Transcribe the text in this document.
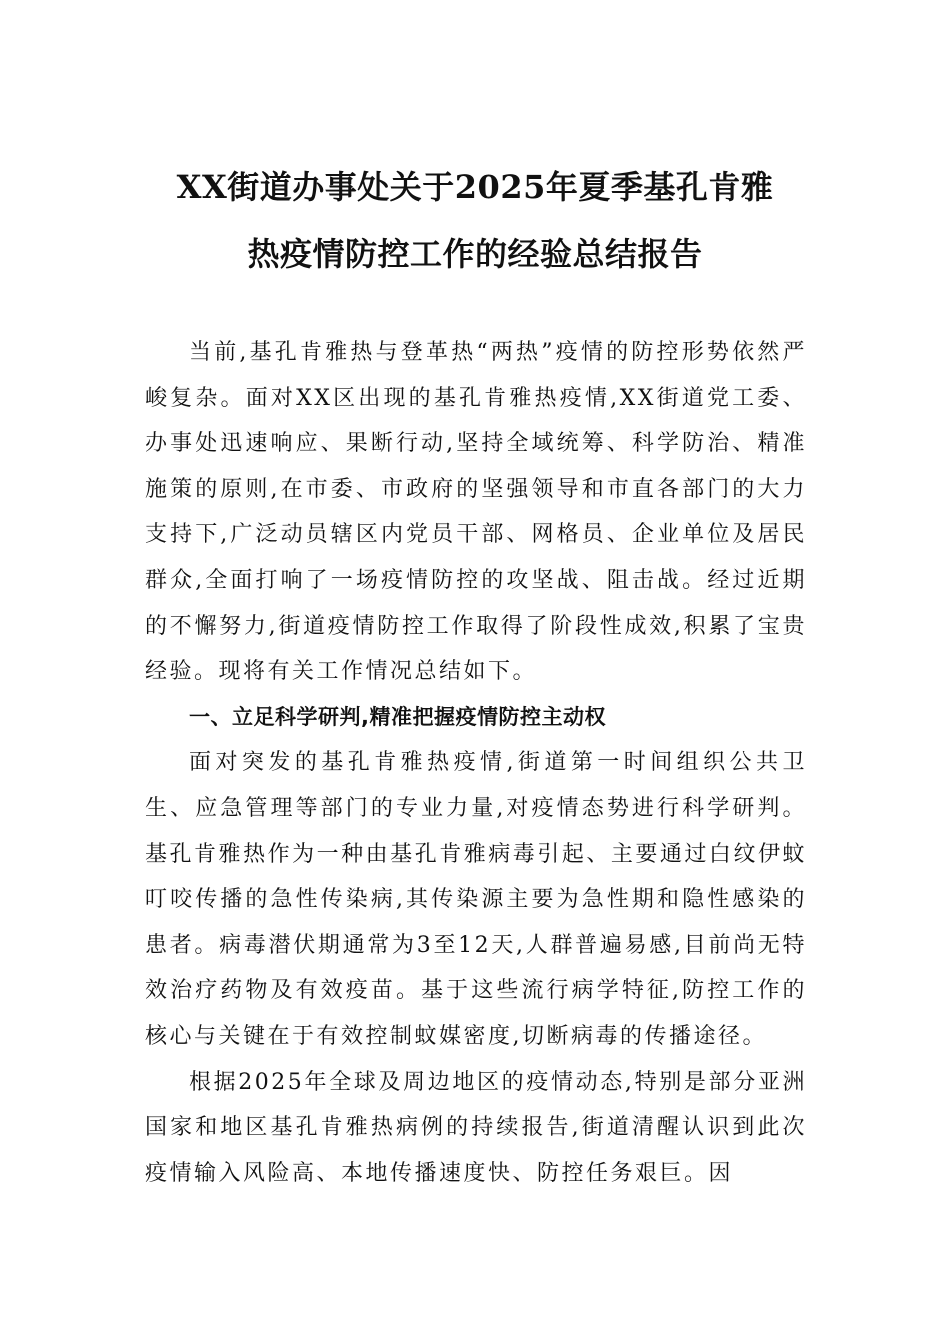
XX街道办事处关于2025年夏季基孔肯雅
热疫情防控工作的经验总结报告

当前,基孔肯雅热与登革热“两热”疫情的防控形势依然严峻复杂。面对XX区出现的基孔肯雅热疫情,XX街道党工委、办事处迅速响应、果断行动,坚持全域统筹、科学防治、精准施策的原则,在市委、市政府的坚强领导和市直各部门的大力支持下,广泛动员辖区内党员干部、网格员、企业单位及居民群众,全面打响了一场疫情防控的攻坚战、阻击战。经过近期的不懈努力,街道疫情防控工作取得了阶段性成效,积累了宝贵经验。现将有关工作情况总结如下。

一、立足科学研判,精准把握疫情防控主动权

面对突发的基孔肯雅热疫情,街道第一时间组织公共卫生、应急管理等部门的专业力量,对疫情态势进行科学研判。基孔肯雅热作为一种由基孔肯雅病毒引起、主要通过白纹伊蚊叮咬传播的急性传染病,其传染源主要为急性期和隐性感染的患者。病毒潜伏期通常为3至12天,人群普遍易感,目前尚无特效治疗药物及有效疫苗。基于这些流行病学特征,防控工作的核心与关键在于有效控制蚊媒密度,切断病毒的传播途径。

根据2025年全球及周边地区的疫情动态,特别是部分亚洲国家和地区基孔肯雅热病例的持续报告,街道清醒认识到此次疫情输入风险高、本地传播速度快、防控任务艰巨。因
